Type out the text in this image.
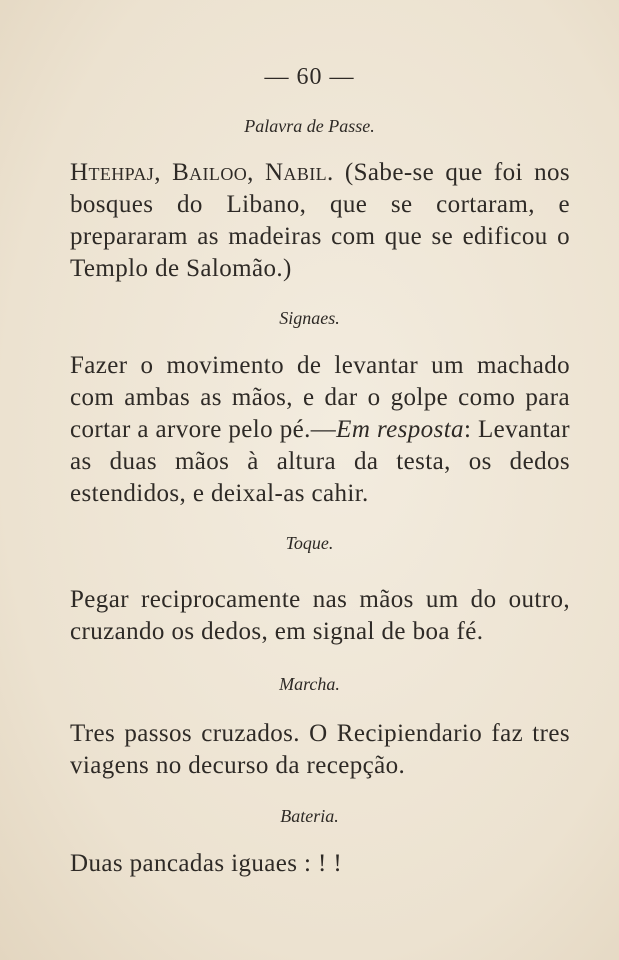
— 60 —
Palavra de Passe.
Htehpaj, Bailoo, Nabil. (Sabe-se que foi nos bosques do Libano, que se cortaram, e prepararam as madeiras com que se edificou o Templo de Salomão.)
Signaes.
Fazer o movimento de levantar um machado com ambas as mãos, e dar o golpe como para cortar a arvore pelo pé.—Em resposta: Levantar as duas mãos à altura da testa, os dedos estendidos, e deixal-as cahir.
Toque.
Pegar reciprocamente nas mãos um do outro, cruzando os dedos, em signal de boa fé.
Marcha.
Tres passos cruzados. O Recipiendario faz tres viagens no decurso da recepção.
Bateria.
Duas pancadas iguaes : ! !
